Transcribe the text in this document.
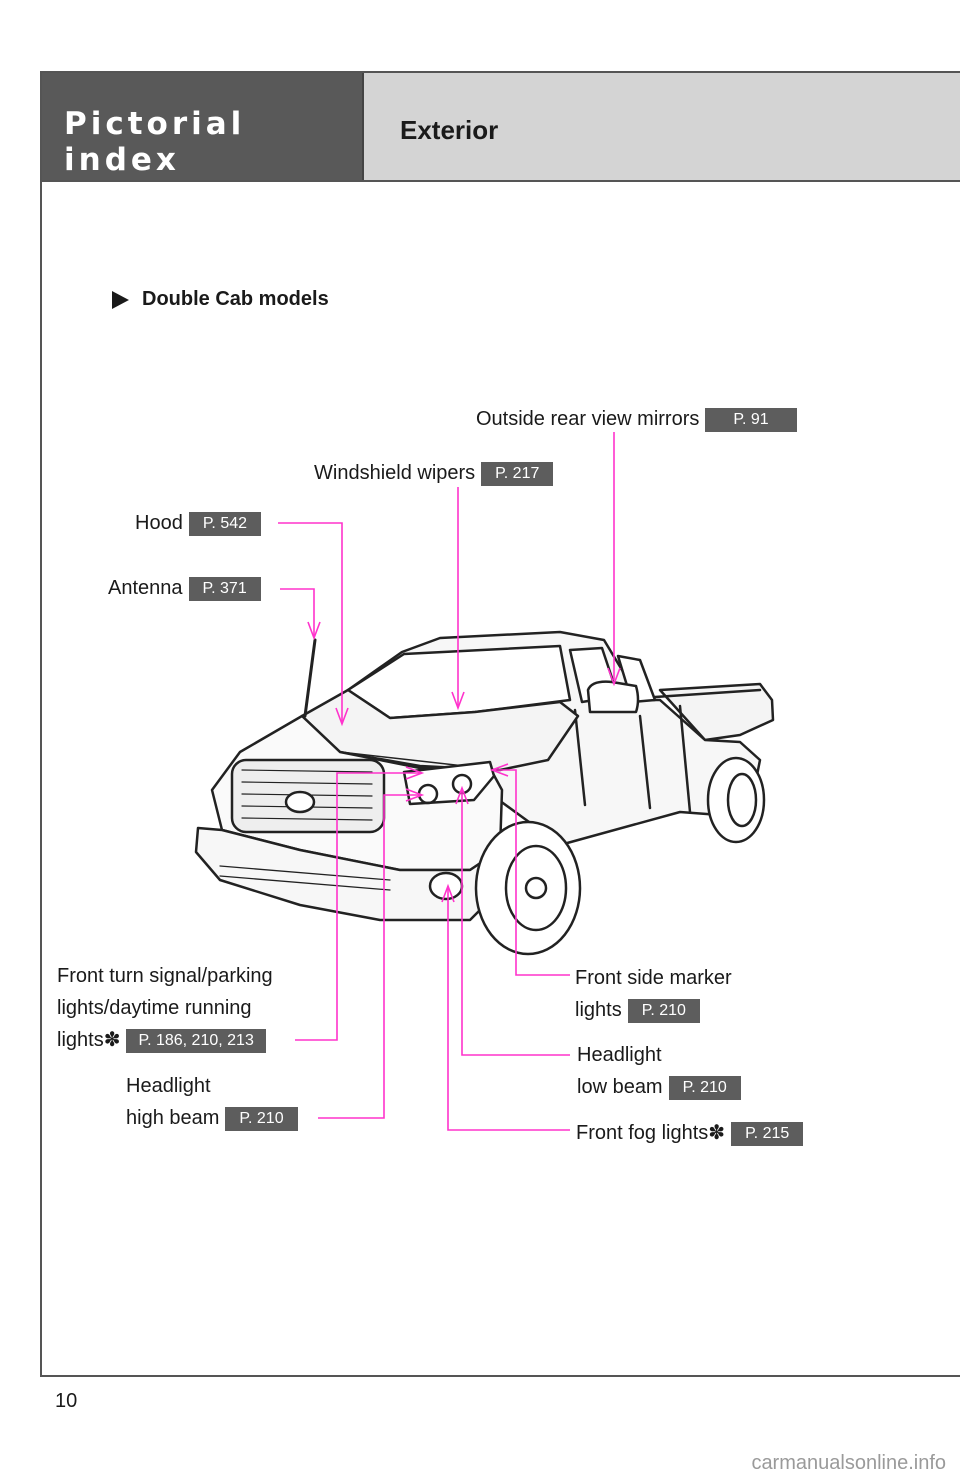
Pictorial index
Exterior
Double Cab models
Outside rear view mirrors P. 91
Windshield wipers P. 217
Hood P. 542
Antenna P. 371
Front turn signal/parking
lights/daytime running
lights✽ P. 186, 210, 213
Headlight
high beam P. 210
Front side marker
lights P. 210
Headlight
low beam P. 210
Front fog lights✽ P. 215
10
carmanualsonline.info
